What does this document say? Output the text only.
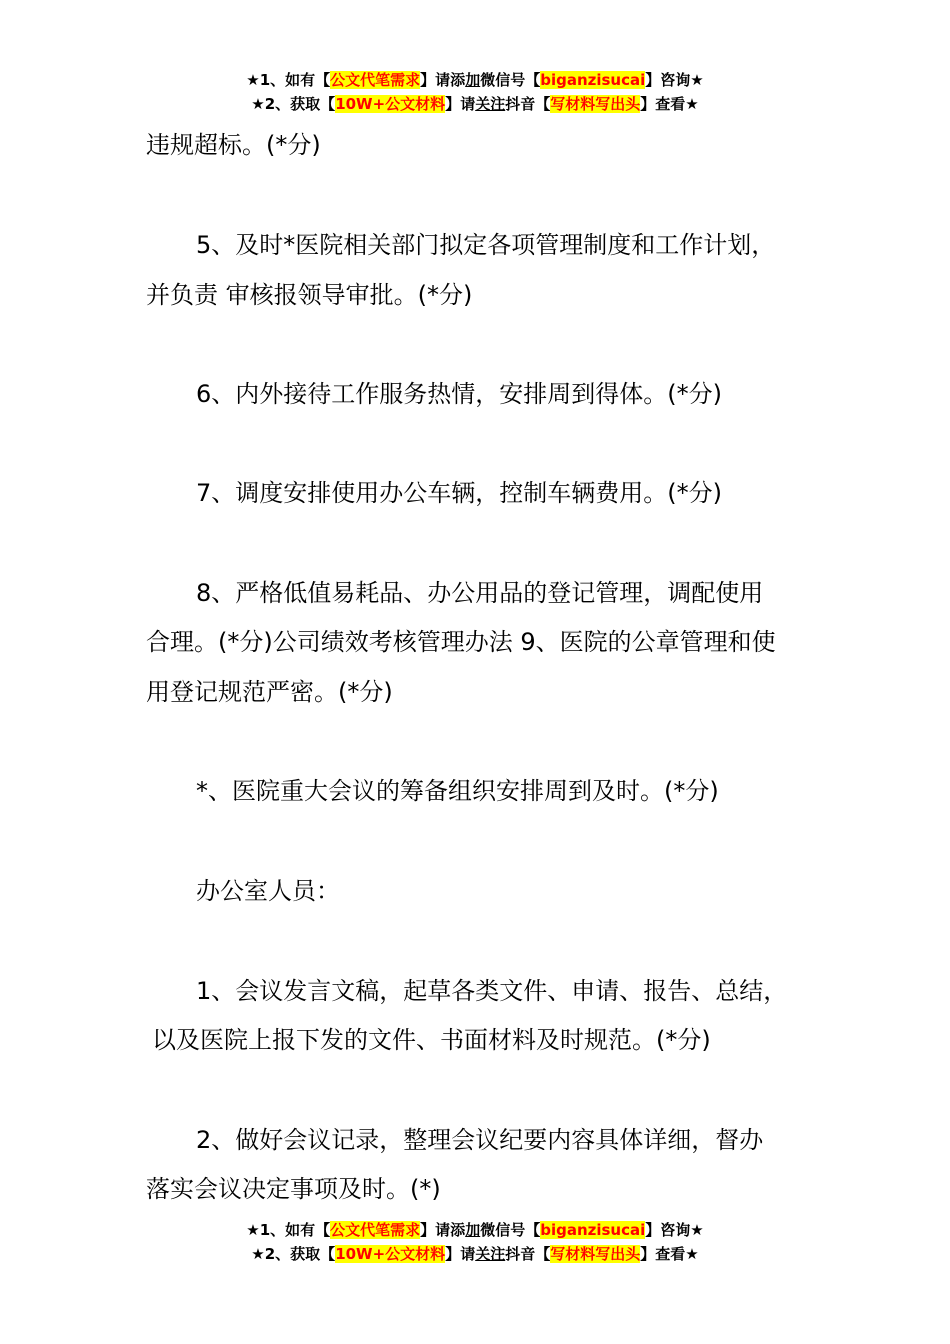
★1、如有【公文代笔需求】请添加微信号【biganzisucai】咨询★
★2、获取【10W+公文材料】请关注抖音【写材料写出头】查看★
违规超标。(*分)
5、及时*医院相关部门拟定各项管理制度和工作计划，
并负责 审核报领导审批。(*分)
6、内外接待工作服务热情，安排周到得体。(*分)
7、调度安排使用办公车辆，控制车辆费用。(*分)
8、严格低值易耗品、办公用品的登记管理，调配使用
合理。(*分)公司绩效考核管理办法 9、医院的公章管理和使
用登记规范严密。(*分)
*、医院重大会议的筹备组织安排周到及时。(*分)
办公室人员：
1、会议发言文稿，起草各类文件、申请、报告、总结，
以及医院上报下发的文件、书面材料及时规范。(*分)
2、做好会议记录，整理会议纪要内容具体详细，督办
落实会议决定事项及时。(*)
★1、如有【公文代笔需求】请添加微信号【biganzisucai】咨询★
★2、获取【10W+公文材料】请关注抖音【写材料写出头】查看★
